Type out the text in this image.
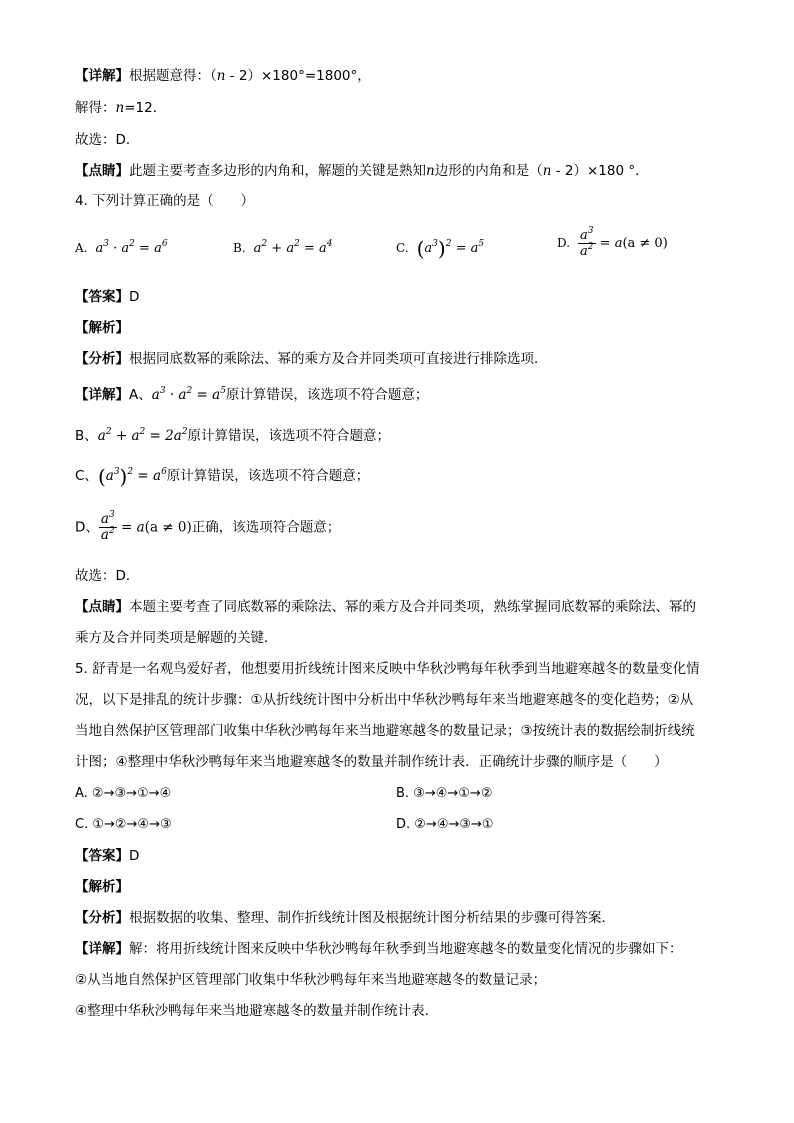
【详解】根据题意得：（n - 2）×180°=1800°，
解得：n=12．
故选：D．
【点睛】此题主要考查多边形的内角和，解题的关键是熟知n边形的内角和是（n - 2）×180 °．
4. 下列计算正确的是（　　）
A. $a^3 \cdot a^2 = a^6$	B. $a^2 + a^2 = a^4$	C. $(a^3)^2 = a^5$	D. $\frac{a^3}{a^2} = a(a \ne 0)$
【答案】D
【解析】
【分析】根据同底数幂的乘除法、幂的乘方及合并同类项可直接进行排除选项．
【详解】A、$a^3 \cdot a^2 = a^5$原计算错误，该选项不符合题意；
B、$a^2 + a^2 = 2a^2$原计算错误，该选项不符合题意；
C、$(a^3)^2 = a^6$原计算错误，该选项不符合题意；
D、 $\frac{a^3}{a^2} = a(a \ne 0)$正确，该选项符合题意；
故选：D．
【点睛】本题主要考查了同底数幂的乘除法、幂的乘方及合并同类项，熟练掌握同底数幂的乘除法、幂的
乘方及合并同类项是解题的关键．
5. 舒青是一名观鸟爱好者，他想要用折线统计图来反映中华秋沙鸭每年秋季到当地避寒越冬的数量变化情
况，以下是排乱的统计步骤：①从折线统计图中分析出中华秋沙鸭每年来当地避寒越冬的变化趋势；②从
当地自然保护区管理部门收集中华秋沙鸭每年来当地避寒越冬的数量记录；③按统计表的数据绘制折线统
计图；④整理中华秋沙鸭每年来当地避寒越冬的数量并制作统计表．正确统计步骤的顺序是（　　）
A. ②→③→①→④	B. ③→④→①→②
C. ①→②→④→③	D. ②→④→③→①
【答案】D
【解析】
【分析】根据数据的收集、整理、制作折线统计图及根据统计图分析结果的步骤可得答案．
【详解】解：将用折线统计图来反映中华秋沙鸭每年秋季到当地避寒越冬的数量变化情况的步骤如下：
②从当地自然保护区管理部门收集中华秋沙鸭每年来当地避寒越冬的数量记录；
④整理中华秋沙鸭每年来当地避寒越冬的数量并制作统计表．
